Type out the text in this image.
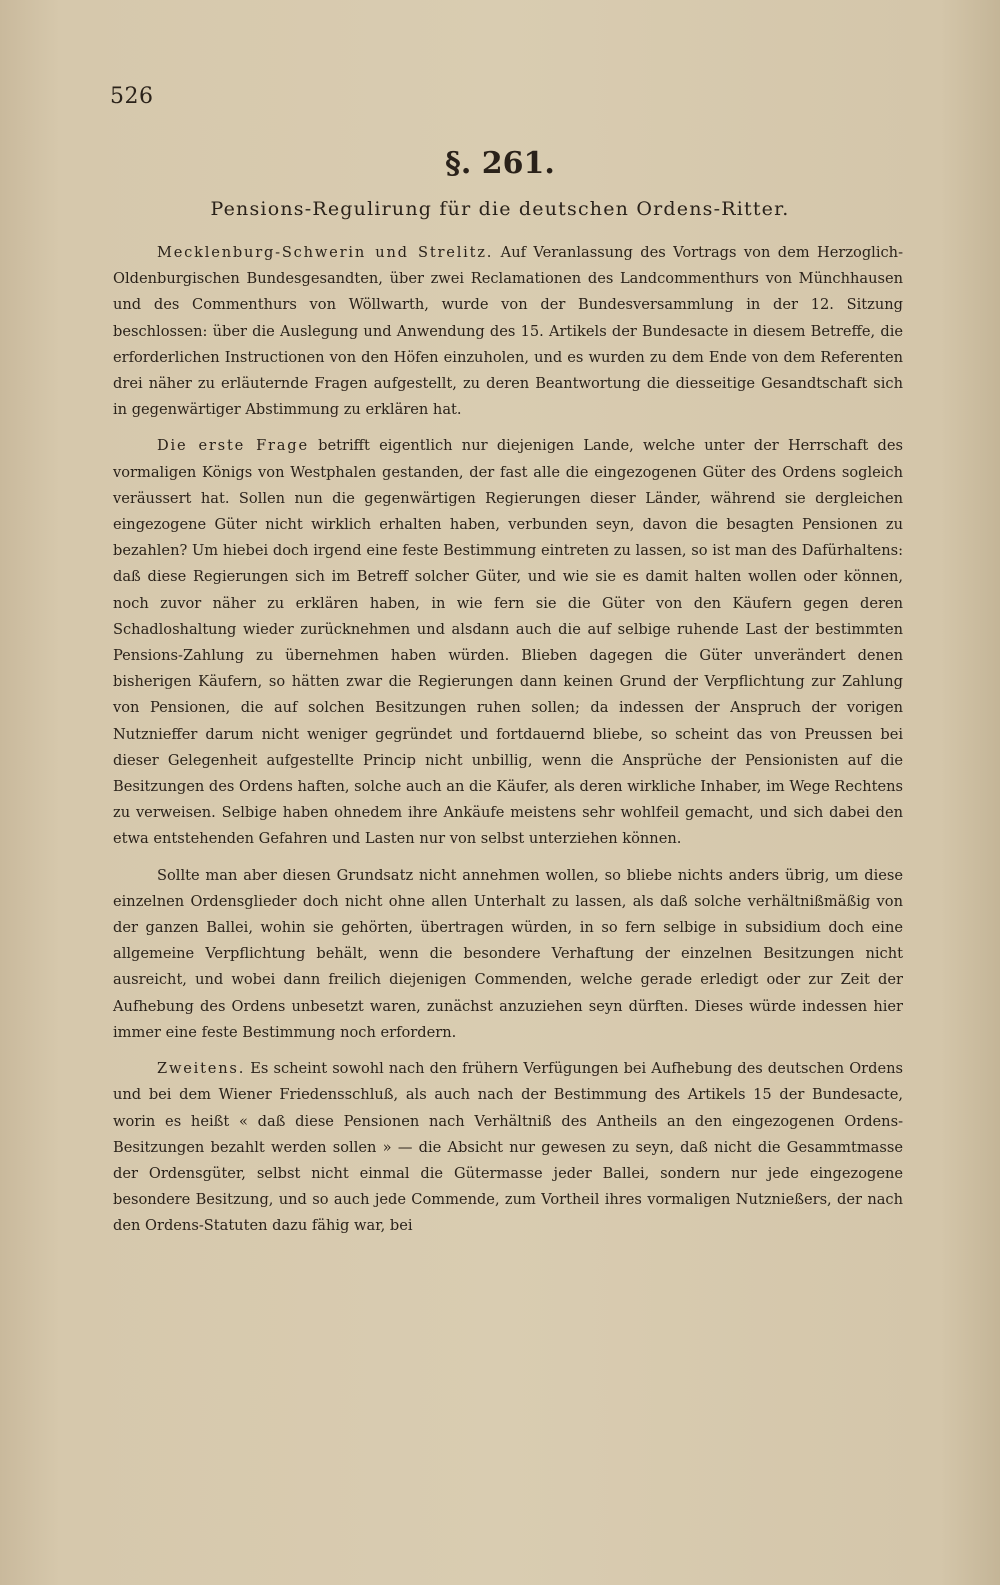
526
§. 261.
Pensions-Regulirung für die deutschen Ordens-Ritter.

Mecklenburg-Schwerin und Strelitz. Auf Veranlassung des Vortrags von dem Herzoglich-Oldenburgischen Bundesgesandten, über zwei Reclamationen des Landcommenthurs von Münchhausen und des Commenthurs von Wöllwarth, wurde von der Bundesversammlung in der 12. Sitzung beschlossen: über die Auslegung und Anwendung des 15. Artikels der Bundesacte in diesem Betreffe, die erforderlichen Instructionen von den Höfen einzuholen, und es wurden zu dem Ende von dem Referenten drei näher zu erläuternde Fragen aufgestellt, zu deren Beantwortung die diesseitige Gesandtschaft sich in gegenwärtiger Abstimmung zu erklären hat.

Die erste Frage betrifft eigentlich nur diejenigen Lande, welche unter der Herrschaft des vormaligen Königs von Westphalen gestanden, der fast alle die eingezogenen Güter des Ordens sogleich veräussert hat. Sollen nun die gegenwärtigen Regierungen dieser Länder, während sie dergleichen eingezogene Güter nicht wirklich erhalten haben, verbunden seyn, davon die besagten Pensionen zu bezahlen? Um hiebei doch irgend eine feste Bestimmung eintreten zu lassen, so ist man des Dafürhaltens: daß diese Regierungen sich im Betreff solcher Güter, und wie sie es damit halten wollen oder können, noch zuvor näher zu erklären haben, in wie fern sie die Güter von den Käufern gegen deren Schadloshaltung wieder zurücknehmen und alsdann auch die auf selbige ruhende Last der bestimmten Pensions-Zahlung zu übernehmen haben würden. Blieben dagegen die Güter unverändert denen bisherigen Käufern, so hätten zwar die Regierungen dann keinen Grund der Verpflichtung zur Zahlung von Pensionen, die auf solchen Besitzungen ruhen sollen; da indessen der Anspruch der vorigen Nutznieffer darum nicht weniger gegründet und fortdauernd bliebe, so scheint das von Preussen bei dieser Gelegenheit aufgestellte Princip nicht unbillig, wenn die Ansprüche der Pensionisten auf die Besitzungen des Ordens haften, solche auch an die Käufer, als deren wirkliche Inhaber, im Wege Rechtens zu verweisen. Selbige haben ohnedem ihre Ankäufe meistens sehr wohlfeil gemacht, und sich dabei den etwa entstehenden Gefahren und Lasten nur von selbst unterziehen können.

Sollte man aber diesen Grundsatz nicht annehmen wollen, so bliebe nichts anders übrig, um diese einzelnen Ordensglieder doch nicht ohne allen Unterhalt zu lassen, als daß solche verhältnißmäßig von der ganzen Ballei, wohin sie gehörten, übertragen würden, in so fern selbige in subsidium doch eine allgemeine Verpflichtung behält, wenn die besondere Verhaftung der einzelnen Besitzungen nicht ausreicht, und wobei dann freilich diejenigen Commenden, welche gerade erledigt oder zur Zeit der Aufhebung des Ordens unbesetzt waren, zunächst anzuziehen seyn dürften. Dieses würde indessen hier immer eine feste Bestimmung noch erfordern.

Zweitens. Es scheint sowohl nach den frühern Verfügungen bei Aufhebung des deutschen Ordens und bei dem Wiener Friedensschluß, als auch nach der Bestimmung des Artikels 15 der Bundesacte, worin es heißt « daß diese Pensionen nach Verhältniß des Antheils an den eingezogenen Ordens-Besitzungen bezahlt werden sollen » — die Absicht nur gewesen zu seyn, daß nicht die Gesammtmasse der Ordensgüter, selbst nicht einmal die Gütermasse jeder Ballei, sondern nur jede eingezogene besondere Besitzung, und so auch jede Commende, zum Vortheil ihres vormaligen Nutznießers, der nach den Ordens-Statuten dazu fähig war, bei
